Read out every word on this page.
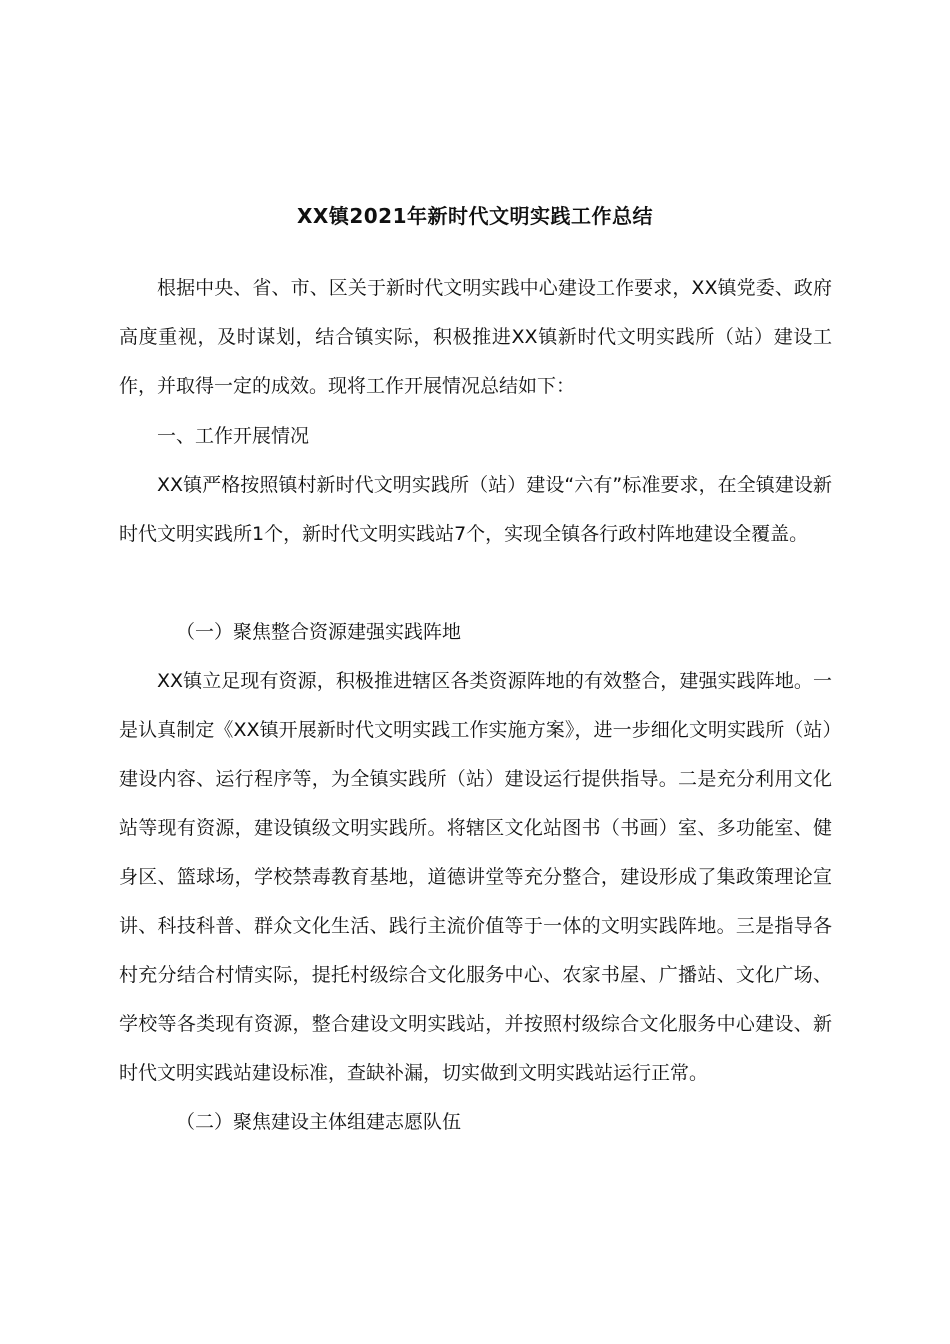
XX镇2021年新时代文明实践工作总结
根据中央、省、市、区关于新时代文明实践中心建设工作要求，XX镇党委、政府高度重视，及时谋划，结合镇实际，积极推进XX镇新时代文明实践所（站）建设工作，并取得一定的成效。现将工作开展情况总结如下：
一、工作开展情况
XX镇严格按照镇村新时代文明实践所（站）建设“六有”标准要求，在全镇建设新时代文明实践所1个，新时代文明实践站7个，实现全镇各行政村阵地建设全覆盖。
（一）聚焦整合资源建强实践阵地
XX镇立足现有资源，积极推进辖区各类资源阵地的有效整合，建强实践阵地。一是认真制定《XX镇开展新时代文明实践工作实施方案》，进一步细化文明实践所（站）建设内容、运行程序等，为全镇实践所（站）建设运行提供指导。二是充分利用文化站等现有资源，建设镇级文明实践所。将辖区文化站图书（书画）室、多功能室、健身区、篮球场，学校禁毒教育基地，道德讲堂等充分整合，建设形成了集政策理论宣讲、科技科普、群众文化生活、践行主流价值等于一体的文明实践阵地。三是指导各村充分结合村情实际，提托村级综合文化服务中心、农家书屋、广播站、文化广场、学校等各类现有资源，整合建设文明实践站，并按照村级综合文化服务中心建设、新时代文明实践站建设标准，查缺补漏，切实做到文明实践站运行正常。
（二）聚焦建设主体组建志愿队伍
